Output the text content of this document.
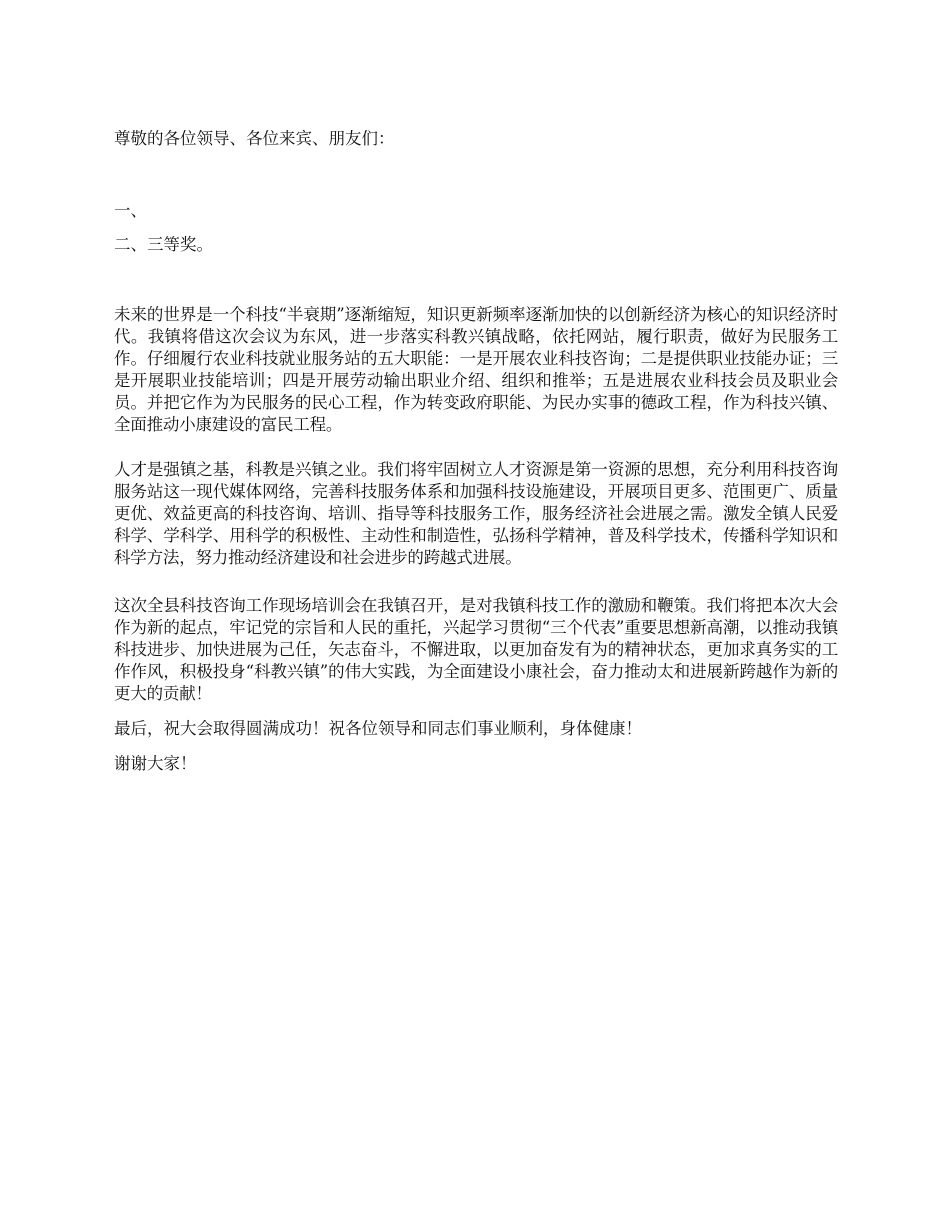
尊敬的各位领导、各位来宾、朋友们：

一、

二、三等奖。

未来的世界是一个科技“半衰期”逐渐缩短，知识更新频率逐渐加快的以创新经济为核心的知识经济时代。我镇将借这次会议为东风，进一步落实科教兴镇战略，依托网站，履行职责，做好为民服务工作。仔细履行农业科技就业服务站的五大职能：一是开展农业科技咨询；二是提供职业技能办证；三是开展职业技能培训；四是开展劳动输出职业介绍、组织和推举；五是进展农业科技会员及职业会员。并把它作为为民服务的民心工程，作为转变政府职能、为民办实事的德政工程，作为科技兴镇、全面推动小康建设的富民工程。

人才是强镇之基，科教是兴镇之业。我们将牢固树立人才资源是第一资源的思想，充分利用科技咨询服务站这一现代媒体网络，完善科技服务体系和加强科技设施建设，开展项目更多、范围更广、质量更优、效益更高的科技咨询、培训、指导等科技服务工作，服务经济社会进展之需。激发全镇人民爱科学、学科学、用科学的积极性、主动性和制造性，弘扬科学精神，普及科学技术，传播科学知识和科学方法，努力推动经济建设和社会进步的跨越式进展。

这次全县科技咨询工作现场培训会在我镇召开，是对我镇科技工作的激励和鞭策。我们将把本次大会作为新的起点，牢记党的宗旨和人民的重托，兴起学习贯彻“三个代表”重要思想新高潮，以推动我镇科技进步、加快进展为己任，矢志奋斗，不懈进取，以更加奋发有为的精神状态，更加求真务实的工作作风，积极投身“科教兴镇”的伟大实践，为全面建设小康社会，奋力推动太和进展新跨越作为新的更大的贡献！

最后，祝大会取得圆满成功！祝各位领导和同志们事业顺利，身体健康！

谢谢大家！
